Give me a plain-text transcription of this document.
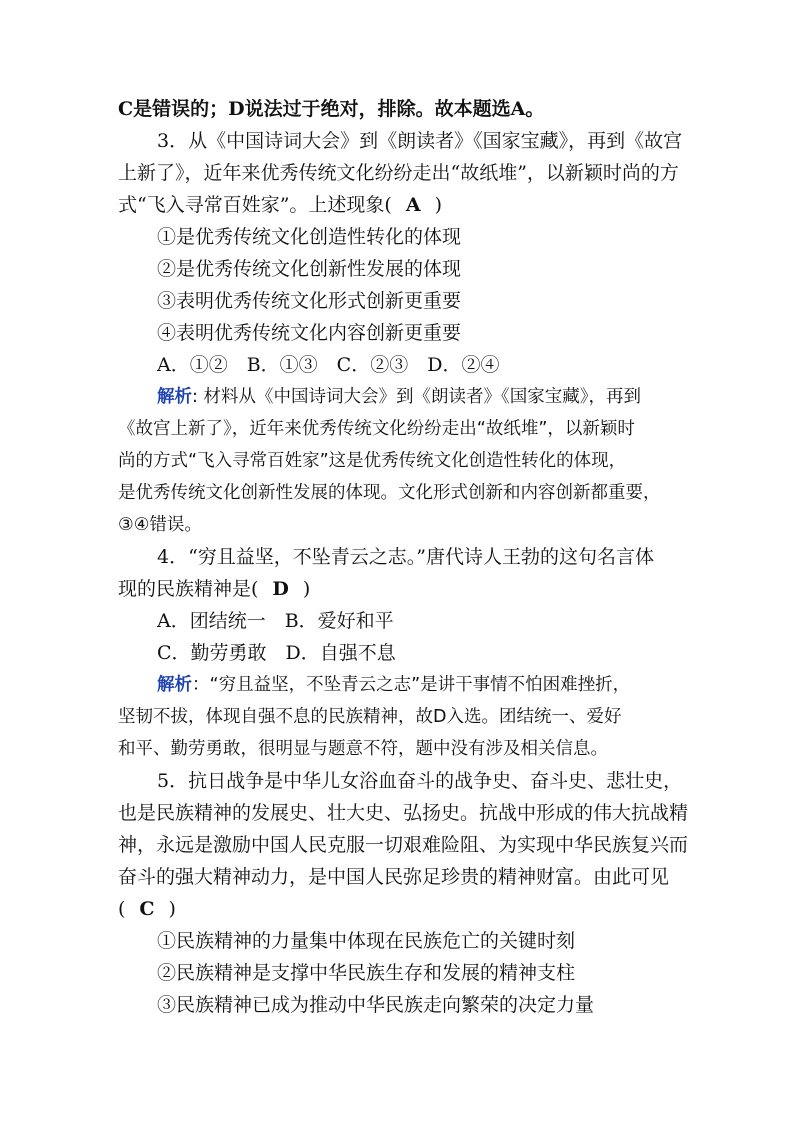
C是错误的；D说法过于绝对，排除。故本题选A。
3．从《中国诗词大会》到《朗读者》《国家宝藏》，再到《故宫
上新了》，近年来优秀传统文化纷纷走出“故纸堆”，以新颖时尚的方
式“飞入寻常百姓家”。上述现象( A )
①是优秀传统文化创造性转化的体现
②是优秀传统文化创新性发展的体现
③表明优秀传统文化形式创新更重要
④表明优秀传统文化内容创新更重要
A．①②　B．①③　C．②③　D．②④
解析: 材料从《中国诗词大会》到《朗读者》《国家宝藏》，再到
《故宫上新了》，近年来优秀传统文化纷纷走出“故纸堆”，以新颖时
尚的方式“飞入寻常百姓家”这是优秀传统文化创造性转化的体现，
是优秀传统文化创新性发展的体现。文化形式创新和内容创新都重要，
③④错误。
4．“穷且益坚，不坠青云之志。”唐代诗人王勃的这句名言体
现的民族精神是( D )
A．团结统一　B．爱好和平
C．勤劳勇敢　D．自强不息
解析：“穷且益坚，不坠青云之志”是讲干事情不怕困难挫折，
坚韧不拔，体现自强不息的民族精神，故D入选。团结统一、爱好
和平、勤劳勇敢，很明显与题意不符，题中没有涉及相关信息。
5．抗日战争是中华儿女浴血奋斗的战争史、奋斗史、悲壮史，
也是民族精神的发展史、壮大史、弘扬史。抗战中形成的伟大抗战精
神，永远是激励中国人民克服一切艰难险阻、为实现中华民族复兴而
奋斗的强大精神动力，是中国人民弥足珍贵的精神财富。由此可见
( C )
①民族精神的力量集中体现在民族危亡的关键时刻
②民族精神是支撑中华民族生存和发展的精神支柱
③民族精神已成为推动中华民族走向繁荣的决定力量
